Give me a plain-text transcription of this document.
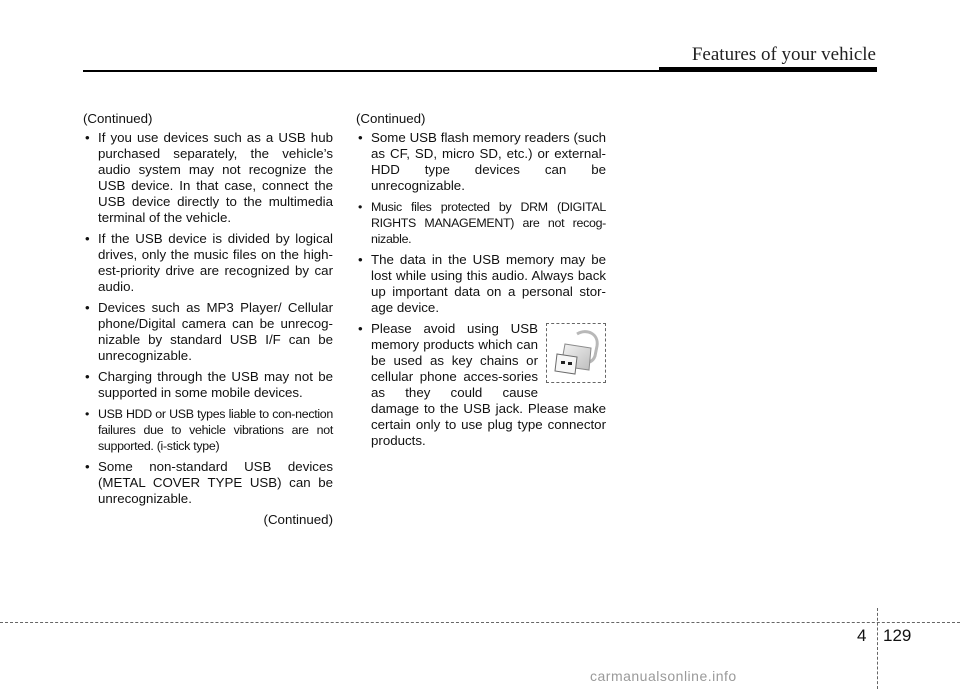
Features of your vehicle
(Continued)
• If you use devices such as a USB hub purchased separately, the vehicle’s audio system may not recognize the USB device. In that case, connect the USB device directly to the multimedia terminal of the vehicle.
• If the USB device is divided by logical drives, only the music files on the high-est-priority drive are recognized by car audio.
• Devices such as MP3 Player/ Cellular phone/Digital camera can be unrecog-nizable by standard USB I/F can be unrecognizable.
• Charging through the USB may not be supported in some mobile devices.
• USB HDD or USB types liable to con-nection failures due to vehicle vibrations are not supported. (i-stick type)
• Some non-standard USB devices (METAL COVER TYPE USB) can be unrecognizable.
(Continued)
(Continued)
• Some USB flash memory readers (such as CF, SD, micro SD, etc.) or external-HDD type devices can be unrecognizable.
• Music files protected by DRM (DIGITAL RIGHTS MANAGEMENT) are not recog-nizable.
• The data in the USB memory may be lost while using this audio. Always back up important data on a personal stor-age device.
• Please avoid using USB memory products which can be used as key chains or cellular phone acces-sories as they could cause damage to the USB jack. Please make certain only to use plug type connector products.
4 129
carmanualsonline.info
